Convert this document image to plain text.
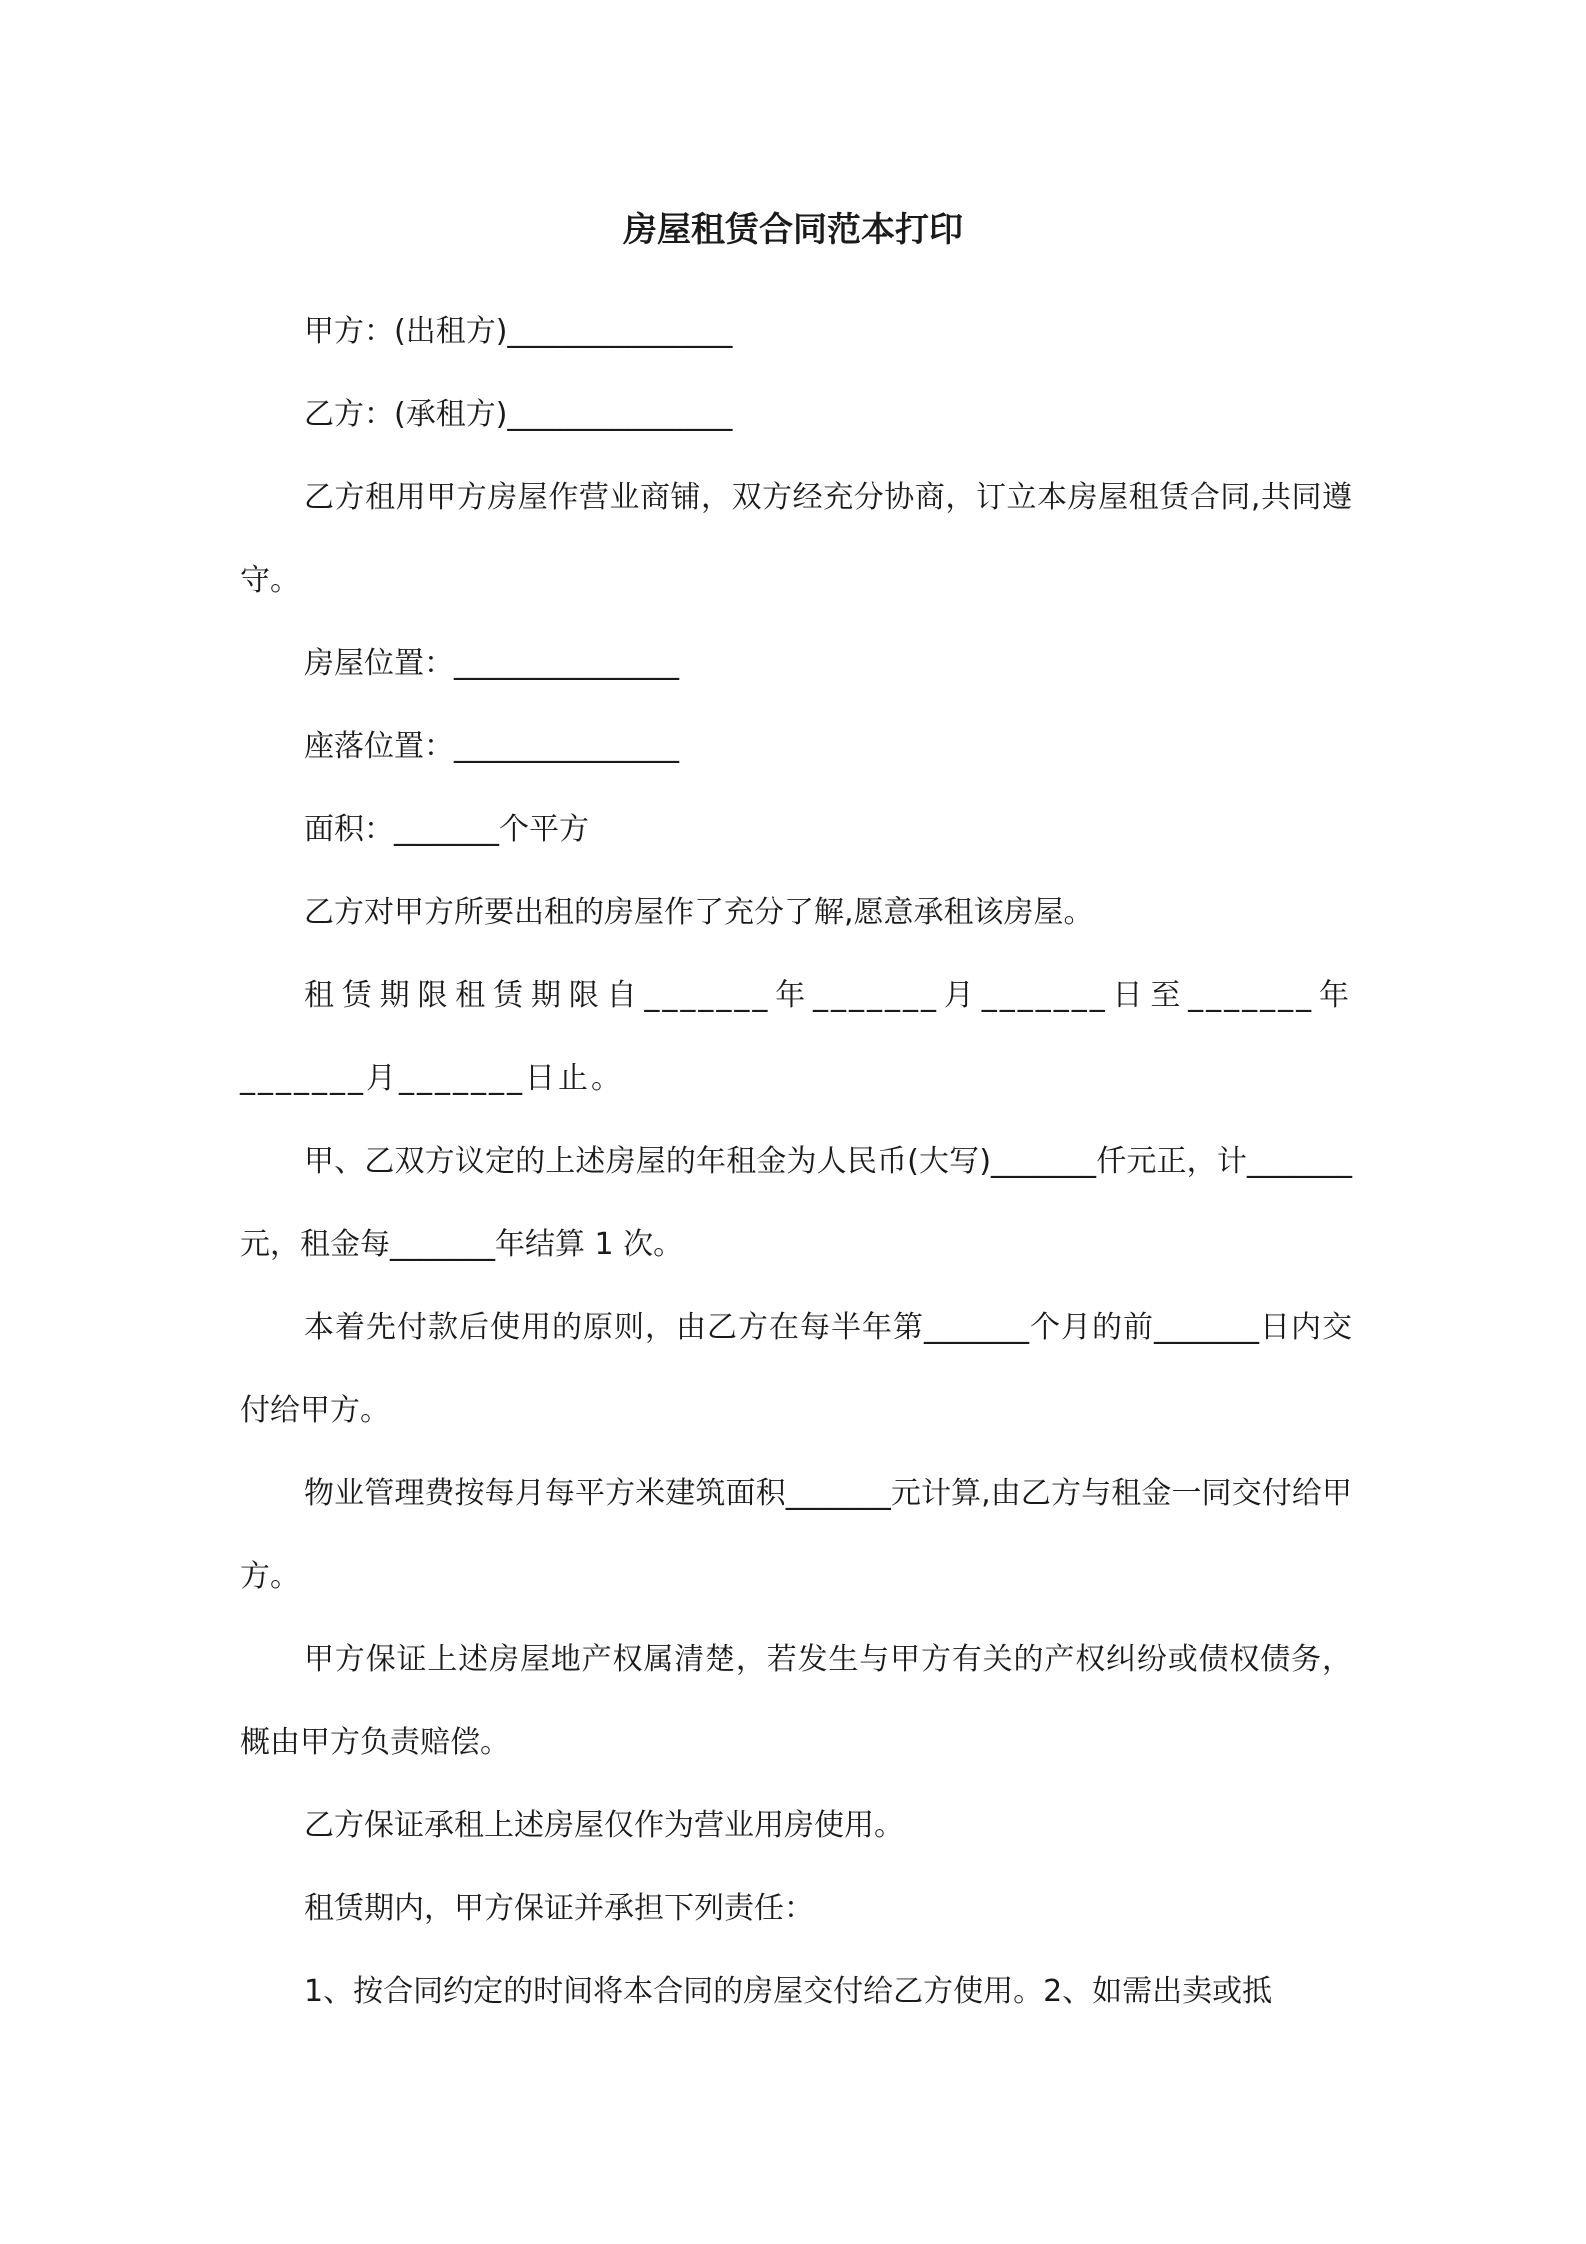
房屋租赁合同范本打印

甲方：(出租方)_______________

乙方：(承租方)_______________

乙方租用甲方房屋作营业商铺，双方经充分协商，订立本房屋租赁合同,共同遵守。

房屋位置：_______________

座落位置：_______________

面积：_______个平方

乙方对甲方所要出租的房屋作了充分了解,愿意承租该房屋。

租赁期限租赁期限自_______年_______月_______日至_______年_______月_______日止。

甲、乙双方议定的上述房屋的年租金为人民币(大写)_______仟元正，计_______元，租金每_______年结算 1 次。

本着先付款后使用的原则，由乙方在每半年第_______个月的前_______日内交付给甲方。

物业管理费按每月每平方米建筑面积_______元计算,由乙方与租金一同交付给甲方。

甲方保证上述房屋地产权属清楚，若发生与甲方有关的产权纠纷或债权债务，概由甲方负责赔偿。

乙方保证承租上述房屋仅作为营业用房使用。

租赁期内，甲方保证并承担下列责任：

1、按合同约定的时间将本合同的房屋交付给乙方使用。2、如需出卖或抵
